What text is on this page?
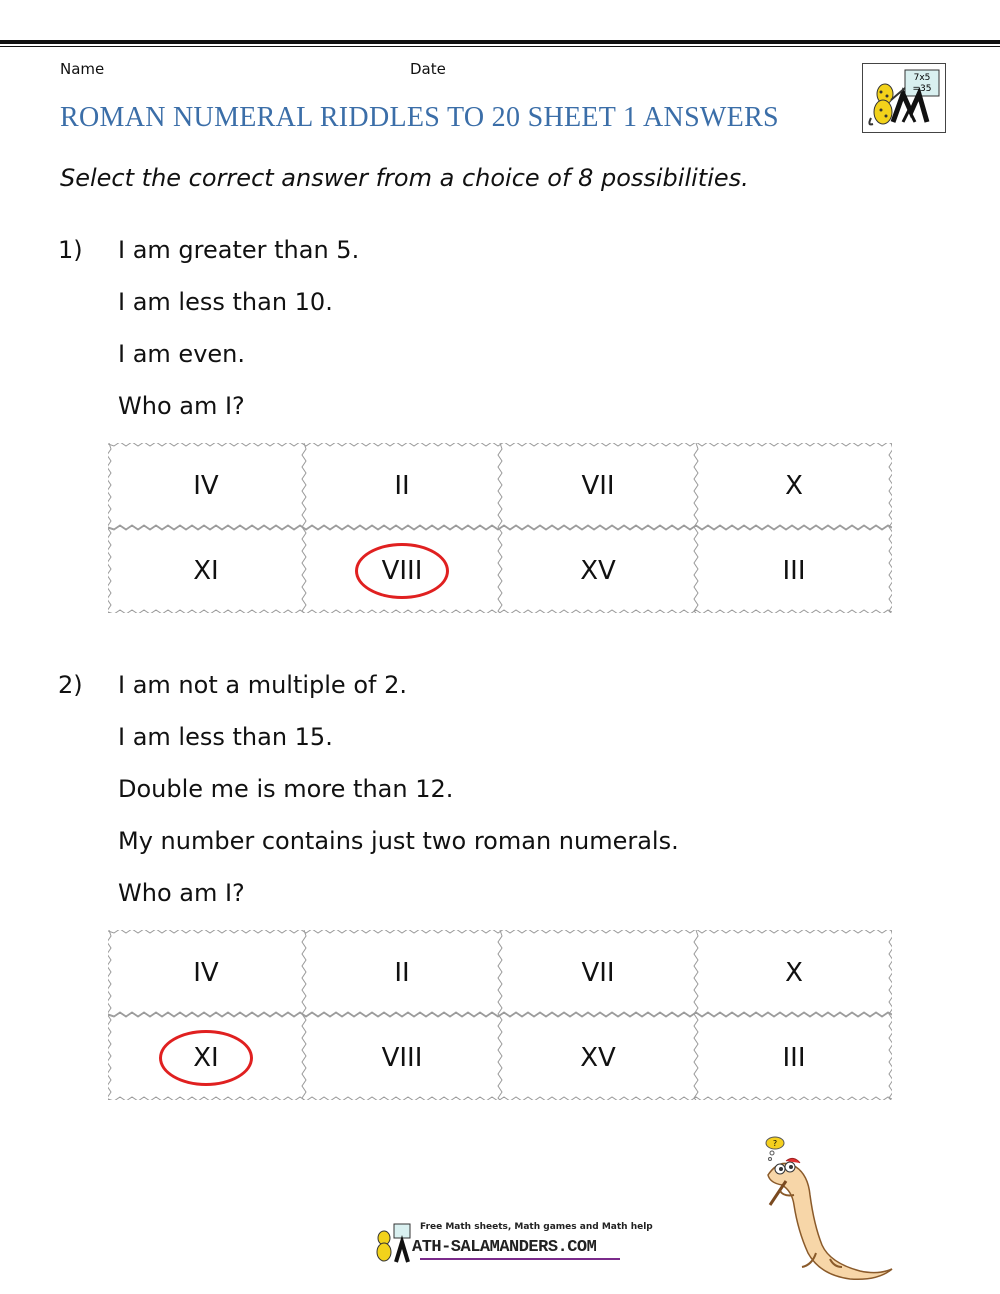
Name	Date	7x5
=35
ROMAN NUMERAL RIDDLES TO 20 SHEET 1 ANSWERS
Select the correct answer from a choice of 8 possibilities.
1) I am greater than 5.
I am less than 10.
I am even.
Who am I?
IV	II	VII	X
XI	VIII	XV	III
2) I am not a multiple of 2.
I am less than 15.
Double me is more than 12.
My number contains just two roman numerals.
Who am I?
IV	II	VII	X
XI	VIII	XV	III
?
Free Math sheets, Math games and Math help
ATH-SALAMANDERS.COM
